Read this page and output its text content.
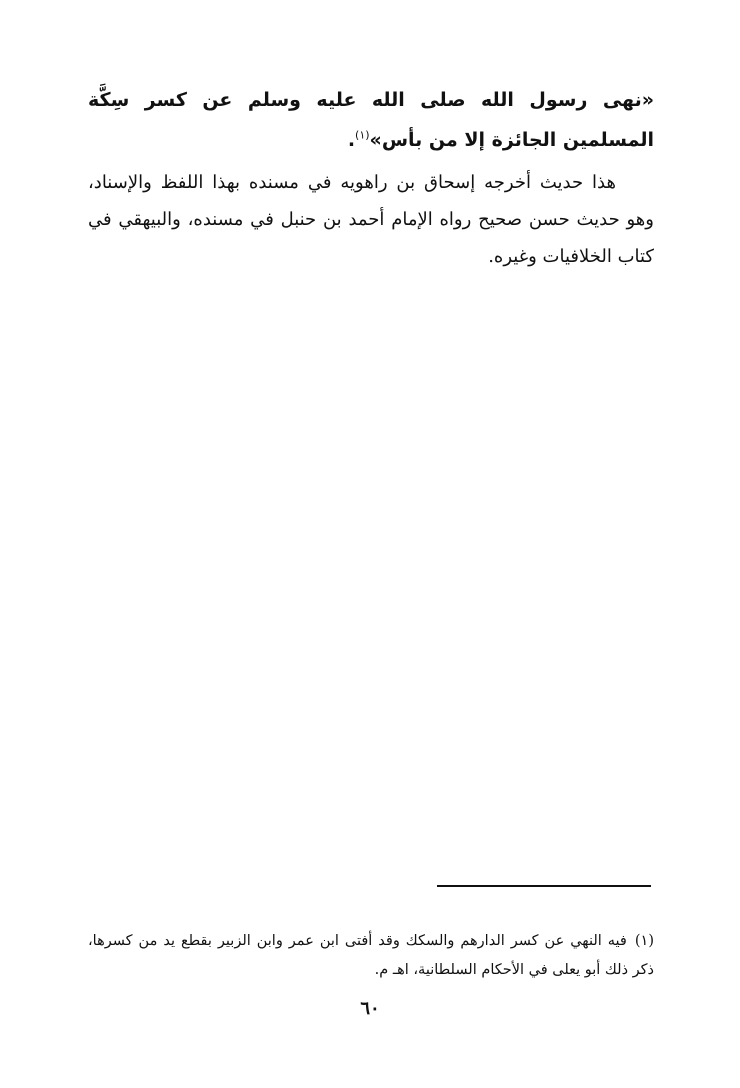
«نهى رسول الله صلى الله عليه وسلم عن كسر سِكَّة المسلمين الجائزة إلا من بأس»$^{(١)}$.

هذا حديث أخرجه إسحاق بن راهويه في مسنده بهذا اللفظ والإسناد، وهو حديث حسن صحيح رواه الإمام أحمد بن حنبل في مسنده، والبيهقي في كتاب الخلافيات وغيره.

(١)فيه النهي عن كسر الدارهم والسكك وقد أفتى ابن عمر وابن الزبير بقطع يد من كسرها، ذكر ذلك أبو يعلى في الأحكام السلطانية، اهـ م.

٦٠
